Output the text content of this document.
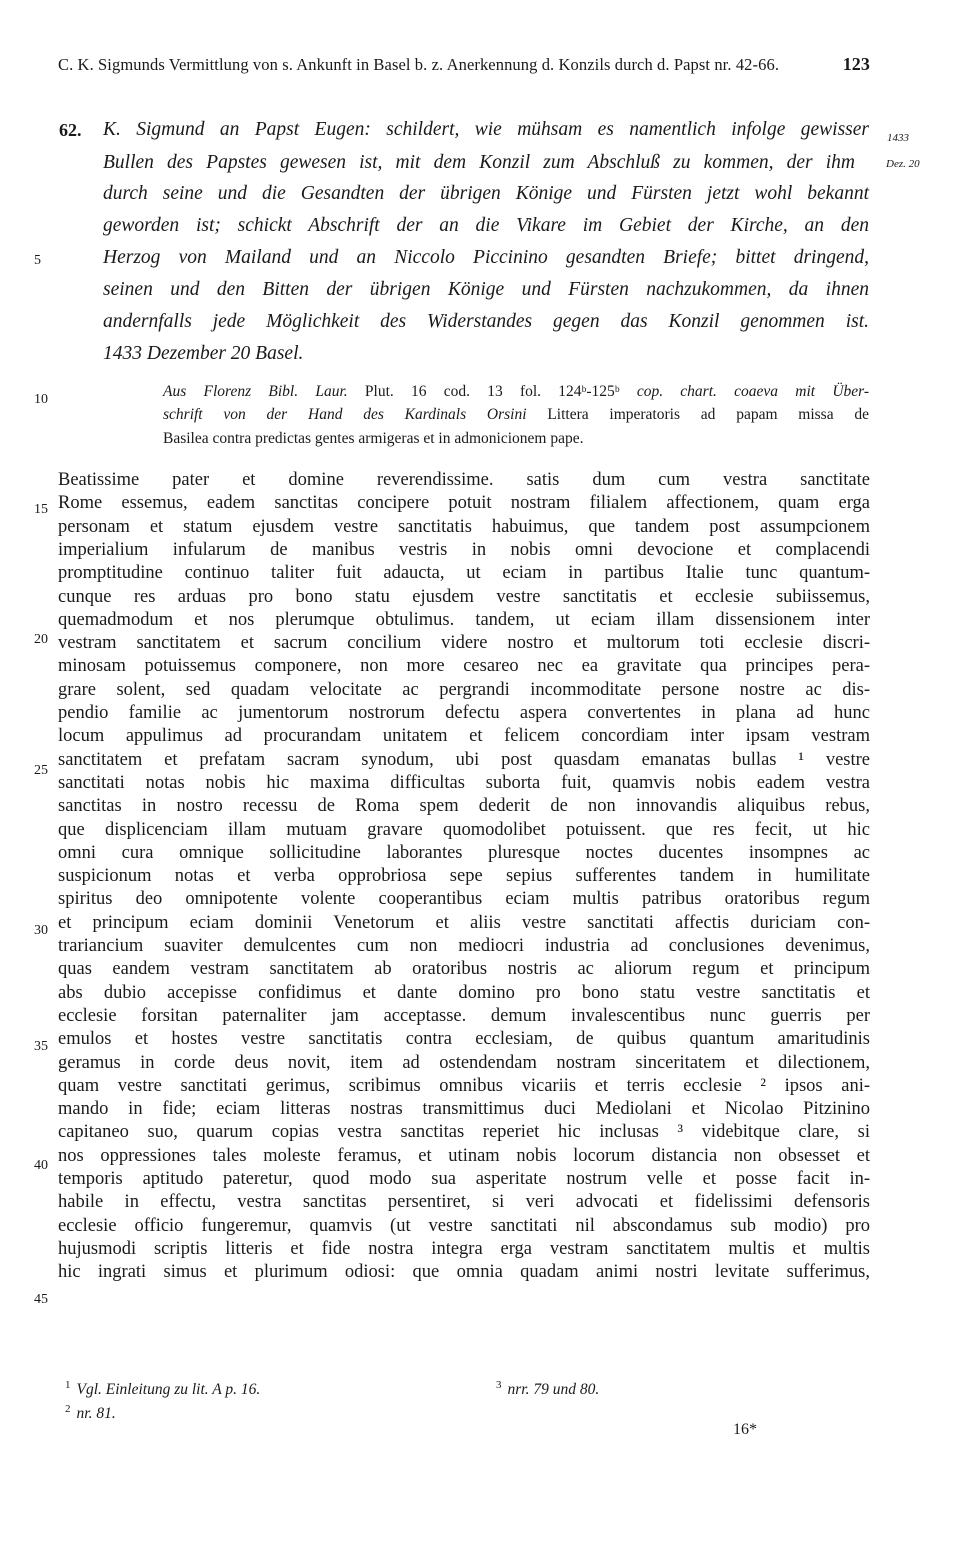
C. K. Sigmunds Vermittlung von s. Ankunft in Basel b. z. Anerkennung d. Konzils durch d. Papst nr. 42-66.	123
1433
Dez. 20
62. K. Sigmund an Papst Eugen: schildert, wie mühsam es namentlich infolge gewisser
Bullen des Papstes gewesen ist, mit dem Konzil zum Abschluß zu kommen, der ihm
durch seine und die Gesandten der übrigen Könige und Fürsten jetzt wohl bekannt
geworden ist; schickt Abschrift der an die Vikare im Gebiet der Kirche, an den
Herzog von Mailand und an Niccolo Piccinino gesandten Briefe; bittet dringend,
seinen und den Bitten der übrigen Könige und Fürsten nachzukommen, da ihnen
andernfalls jede Möglichkeit des Widerstandes gegen das Konzil genommen ist.
1433 Dezember 20 Basel.
Aus Florenz Bibl. Laur. Plut. 16 cod. 13 fol. 124ᵇ-125ᵇ cop. chart. coaeva mit Über-
schrift von der Hand des Kardinals Orsini Littera imperatoris ad papam missa de
Basilea contra predictas gentes armigeras et in admonicionem pape.
Beatissime pater et domine reverendissime. satis dum cum vestra sanctitate
Rome essemus, eadem sanctitas concipere potuit nostram filialem affectionem, quam erga
personam et statum ejusdem vestre sanctitatis habuimus, que tandem post assumpcionem
imperialium infularum de manibus vestris in nobis omni devocione et complacendi
promptitudine continuo taliter fuit adaucta, ut eciam in partibus Italie tunc quantum-
cunque res arduas pro bono statu ejusdem vestre sanctitatis et ecclesie subiissemus,
quemadmodum et nos plerumque obtulimus. tandem, ut eciam illam dissensionem inter
vestram sanctitatem et sacrum concilium videre nostro et multorum toti ecclesie discri-
minosam potuissemus componere, non more cesareo nec ea gravitate qua principes pera-
grare solent, sed quadam velocitate ac pergrandi incommoditate persone nostre ac dis-
pendio familie ac jumentorum nostrorum defectu aspera convertentes in plana ad hunc
locum appulimus ad procurandam unitatem et felicem concordiam inter ipsam vestram
sanctitatem et prefatam sacram synodum, ubi post quasdam emanatas bullas ¹ vestre
sanctitati notas nobis hic maxima difficultas suborta fuit, quamvis nobis eadem vestra
sanctitas in nostro recessu de Roma spem dederit de non innovandis aliquibus rebus,
que displicenciam illam mutuam gravare quomodolibet potuissent. que res fecit, ut hic
omni cura omnique sollicitudine laborantes pluresque noctes ducentes insompnes ac
suspicionum notas et verba opprobriosa sepe sepius sufferentes tandem in humilitate
spiritus deo omnipotente volente cooperantibus eciam multis patribus oratoribus regum
et principum eciam dominii Venetorum et aliis vestre sanctitati affectis duriciam con-
trariancium suaviter demulcentes cum non mediocri industria ad conclusiones devenimus,
quas eandem vestram sanctitatem ab oratoribus nostris ac aliorum regum et principum
abs dubio accepisse confidimus et dante domino pro bono statu vestre sanctitatis et
ecclesie forsitan paternaliter jam acceptasse. demum invalescentibus nunc guerris per
emulos et hostes vestre sanctitatis contra ecclesiam, de quibus quantum amaritudinis
geramus in corde deus novit, item ad ostendendam nostram sinceritatem et dilectionem,
quam vestre sanctitati gerimus, scribimus omnibus vicariis et terris ecclesie ² ipsos ani-
mando in fide; eciam litteras nostras transmittimus duci Mediolani et Nicolao Pitzinino
capitaneo suo, quarum copias vestra sanctitas reperiet hic inclusas ³ videbitque clare, si
nos oppressiones tales moleste feramus, et utinam nobis locorum distancia non obsesset et
temporis aptitudo pateretur, quod modo sua asperitate nostrum velle et posse facit in-
habile in effectu, vestra sanctitas persentiret, si veri advocati et fidelissimi defensoris
ecclesie officio fungeremur, quamvis (ut vestre sanctitati nil abscondamus sub modio) pro
hujusmodi scriptis litteris et fide nostra integra erga vestram sanctitatem multis et multis
hic ingrati simus et plurimum odiosi: que omnia quadam animi nostri levitate sufferimus,
$^1$ Vgl. Einleitung zu lit. A p. 16.
$^2$ nr. 81.
$^3$ nrr. 79 und 80.
16*
5
10
15
20
25
30
35
40
45
